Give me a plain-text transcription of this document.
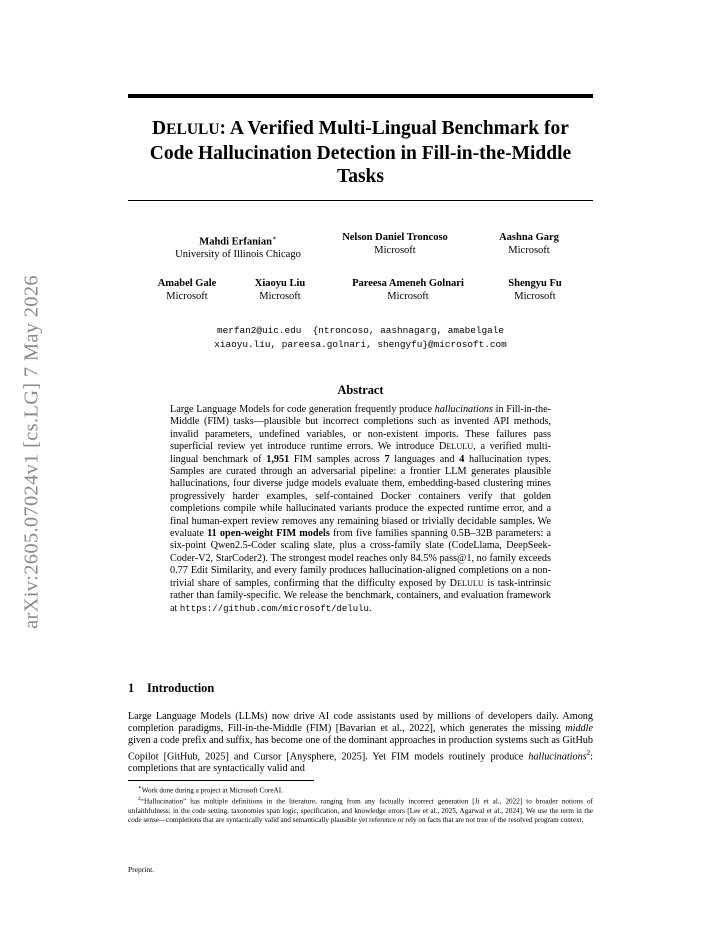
arXiv:2605.07024v1 [cs.LG] 7 May 2026
DELULU: A Verified Multi-Lingual Benchmark for
Code Hallucination Detection in Fill-in-the-Middle
Tasks
Mahdi Erfanian∗
University of Illinois Chicago
Nelson Daniel Troncoso
Microsoft
Aashna Garg
Microsoft
Amabel Gale
Microsoft
Xiaoyu Liu
Microsoft
Pareesa Ameneh Golnari
Microsoft
Shengyu Fu
Microsoft
merfan2@uic.edu  {ntroncoso, aashnagarg, amabelgale
xiaoyu.liu, pareesa.golnari, shengyfu}@microsoft.com
Abstract
Large Language Models for code generation frequently produce hallucinations in Fill-in-the-Middle (FIM) tasks—plausible but incorrect completions such as invented API methods, invalid parameters, undefined variables, or non-existent imports. These failures pass superficial review yet introduce runtime errors. We introduce DELULU, a verified multi-lingual benchmark of 1,951 FIM samples across 7 languages and 4 hallucination types. Samples are curated through an adversarial pipeline: a frontier LLM generates plausible hallucinations, four diverse judge models evaluate them, embedding-based clustering mines progressively harder examples, self-contained Docker containers verify that golden completions compile while hallucinated variants produce the expected runtime error, and a final human-expert review removes any remaining biased or trivially decidable samples. We evaluate 11 open-weight FIM models from five families spanning 0.5B–32B parameters: a six-point Qwen2.5-Coder scaling slate, plus a cross-family slate (CodeLlama, DeepSeek-Coder-V2, StarCoder2). The strongest model reaches only 84.5% pass@1, no family exceeds 0.77 Edit Similarity, and every family produces hallucination-aligned completions on a non-trivial share of samples, confirming that the difficulty exposed by DELULU is task-intrinsic rather than family-specific. We release the benchmark, containers, and evaluation framework at https://github.com/microsoft/delulu.
1 Introduction
Large Language Models (LLMs) now drive AI code assistants used by millions of developers daily. Among completion paradigms, Fill-in-the-Middle (FIM) [Bavarian et al., 2022], which generates the missing middle given a code prefix and suffix, has become one of the dominant approaches in production systems such as GitHub Copilot [GitHub, 2025] and Cursor [Anysphere, 2025]. Yet FIM models routinely produce hallucinations$^2$: completions that are syntactically valid and

∗Work done during a project at Microsoft CoreAI.

$^2$“Hallucination” has multiple definitions in the literature, ranging from any factually incorrect generation [Ji et al., 2022] to broader notions of unfaithfulness; in the code setting, taxonomies span logic, specification, and knowledge errors [Lee et al., 2025, Agarwal et al., 2024]. We use the term in the code sense—completions that are syntactically valid and semantically plausible yet reference or rely on facts that are not true of the resolved program context.

Preprint.
